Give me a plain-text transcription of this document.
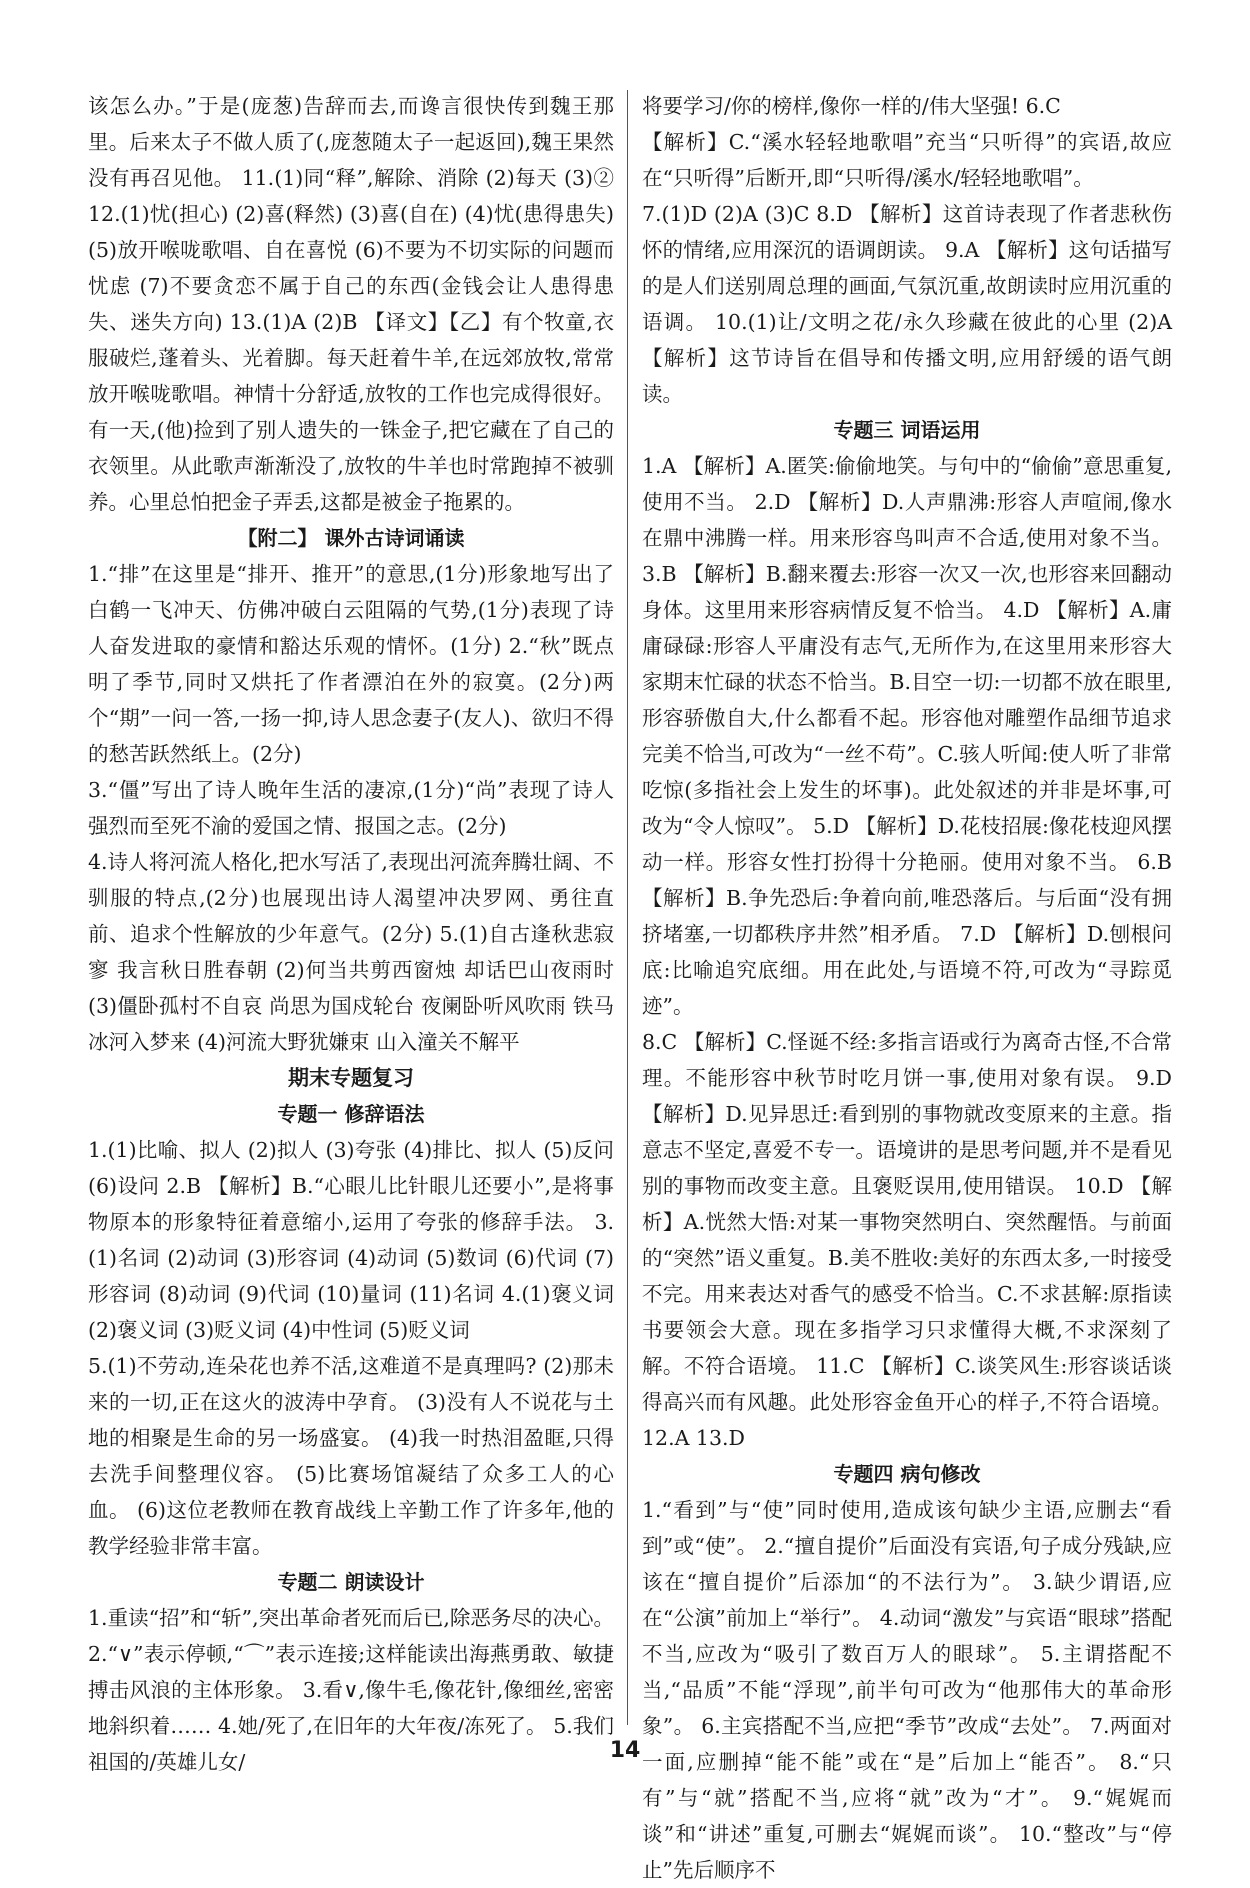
该怎么办。”于是(庞葱)告辞而去,而谗言很快传到魏王那里。后来太子不做人质了(,庞葱随太子一起返回),魏王果然没有再召见他。 11.(1)同“释”,解除、消除 (2)每天 (3)② 12.(1)忧(担心) (2)喜(释然) (3)喜(自在) (4)忧(患得患失) (5)放开喉咙歌唱、自在喜悦 (6)不要为不切实际的问题而忧虑 (7)不要贪恋不属于自己的东西(金钱会让人患得患失、迷失方向) 13.(1)A (2)B 【译文】【乙】有个牧童,衣服破烂,蓬着头、光着脚。每天赶着牛羊,在远郊放牧,常常放开喉咙歌唱。神情十分舒适,放牧的工作也完成得很好。有一天,(他)捡到了别人遗失的一铢金子,把它藏在了自己的衣领里。从此歌声渐渐没了,放牧的牛羊也时常跑掉不被驯养。心里总怕把金子弄丢,这都是被金子拖累的。

【附二】 课外古诗词诵读

1.“排”在这里是“排开、推开”的意思,(1分)形象地写出了白鹤一飞冲天、仿佛冲破白云阻隔的气势,(1分)表现了诗人奋发进取的豪情和豁达乐观的情怀。(1分) 2.“秋”既点明了季节,同时又烘托了作者漂泊在外的寂寞。(2分)两个“期”一问一答,一扬一抑,诗人思念妻子(友人)、欲归不得的愁苦跃然纸上。(2分)

3.“僵”写出了诗人晚年生活的凄凉,(1分)“尚”表现了诗人强烈而至死不渝的爱国之情、报国之志。(2分)

4.诗人将河流人格化,把水写活了,表现出河流奔腾壮阔、不驯服的特点,(2分)也展现出诗人渴望冲决罗网、勇往直前、追求个性解放的少年意气。(2分) 5.(1)自古逢秋悲寂寥 我言秋日胜春朝 (2)何当共剪西窗烛 却话巴山夜雨时 (3)僵卧孤村不自哀 尚思为国戍轮台 夜阑卧听风吹雨 铁马冰河入梦来 (4)河流大野犹嫌束 山入潼关不解平

期末专题复习

专题一 修辞语法

1.(1)比喻、拟人 (2)拟人 (3)夸张 (4)排比、拟人 (5)反问 (6)设问 2.B 【解析】B.“心眼儿比针眼儿还要小”,是将事物原本的形象特征着意缩小,运用了夸张的修辞手法。 3.(1)名词 (2)动词 (3)形容词 (4)动词 (5)数词 (6)代词 (7)形容词 (8)动词 (9)代词 (10)量词 (11)名词 4.(1)褒义词 (2)褒义词 (3)贬义词 (4)中性词 (5)贬义词

5.(1)不劳动,连朵花也养不活,这难道不是真理吗? (2)那未来的一切,正在这火的波涛中孕育。 (3)没有人不说花与土地的相聚是生命的另一场盛宴。 (4)我一时热泪盈眶,只得去洗手间整理仪容。 (5)比赛场馆凝结了众多工人的心血。 (6)这位老教师在教育战线上辛勤工作了许多年,他的教学经验非常丰富。

专题二 朗读设计

1.重读“招”和“斩”,突出革命者死而后已,除恶务尽的决心。 2.“∨”表示停顿,“⌒”表示连接;这样能读出海燕勇敢、敏捷搏击风浪的主体形象。 3.看∨,像牛毛,像花针,像细丝,密密地斜织着…… 4.她/死了,在旧年的大年夜/冻死了。 5.我们祖国的/英雄儿女/

将要学习/你的榜样,像你一样的/伟大坚强! 6.C

【解析】C.“溪水轻轻地歌唱”充当“只听得”的宾语,故应在“只听得”后断开,即“只听得/溪水/轻轻地歌唱”。

7.(1)D (2)A (3)C 8.D 【解析】这首诗表现了作者悲秋伤怀的情绪,应用深沉的语调朗读。 9.A 【解析】这句话描写的是人们送别周总理的画面,气氛沉重,故朗读时应用沉重的语调。 10.(1)让/文明之花/永久珍藏在彼此的心里 (2)A 【解析】这节诗旨在倡导和传播文明,应用舒缓的语气朗读。

专题三 词语运用

1.A 【解析】A.匿笑:偷偷地笑。与句中的“偷偷”意思重复,使用不当。 2.D 【解析】D.人声鼎沸:形容人声喧闹,像水在鼎中沸腾一样。用来形容鸟叫声不合适,使用对象不当。 3.B 【解析】B.翻来覆去:形容一次又一次,也形容来回翻动身体。这里用来形容病情反复不恰当。 4.D 【解析】A.庸庸碌碌:形容人平庸没有志气,无所作为,在这里用来形容大家期末忙碌的状态不恰当。B.目空一切:一切都不放在眼里,形容骄傲自大,什么都看不起。形容他对雕塑作品细节追求完美不恰当,可改为“一丝不苟”。C.骇人听闻:使人听了非常吃惊(多指社会上发生的坏事)。此处叙述的并非是坏事,可改为“令人惊叹”。 5.D 【解析】D.花枝招展:像花枝迎风摆动一样。形容女性打扮得十分艳丽。使用对象不当。 6.B 【解析】B.争先恐后:争着向前,唯恐落后。与后面“没有拥挤堵塞,一切都秩序井然”相矛盾。 7.D 【解析】D.刨根问底:比喻追究底细。用在此处,与语境不符,可改为“寻踪觅迹”。

8.C 【解析】C.怪诞不经:多指言语或行为离奇古怪,不合常理。不能形容中秋节时吃月饼一事,使用对象有误。 9.D 【解析】D.见异思迁:看到别的事物就改变原来的主意。指意志不坚定,喜爱不专一。语境讲的是思考问题,并不是看见别的事物而改变主意。且褒贬误用,使用错误。 10.D 【解析】A.恍然大悟:对某一事物突然明白、突然醒悟。与前面的“突然”语义重复。B.美不胜收:美好的东西太多,一时接受不完。用来表达对香气的感受不恰当。C.不求甚解:原指读书要领会大意。现在多指学习只求懂得大概,不求深刻了解。不符合语境。 11.C 【解析】C.谈笑风生:形容谈话谈得高兴而有风趣。此处形容金鱼开心的样子,不符合语境。 12.A 13.D

专题四 病句修改

1.“看到”与“使”同时使用,造成该句缺少主语,应删去“看到”或“使”。 2.“擅自提价”后面没有宾语,句子成分残缺,应该在“擅自提价”后添加“的不法行为”。 3.缺少谓语,应在“公演”前加上“举行”。 4.动词“激发”与宾语“眼球”搭配不当,应改为“吸引了数百万人的眼球”。 5.主谓搭配不当,“品质”不能“浮现”,前半句可改为“他那伟大的革命形象”。 6.主宾搭配不当,应把“季节”改成“去处”。 7.两面对一面,应删掉“能不能”或在“是”后加上“能否”。 8.“只有”与“就”搭配不当,应将“就”改为“才”。 9.“娓娓而谈”和“讲述”重复,可删去“娓娓而谈”。 10.“整改”与“停止”先后顺序不

14
